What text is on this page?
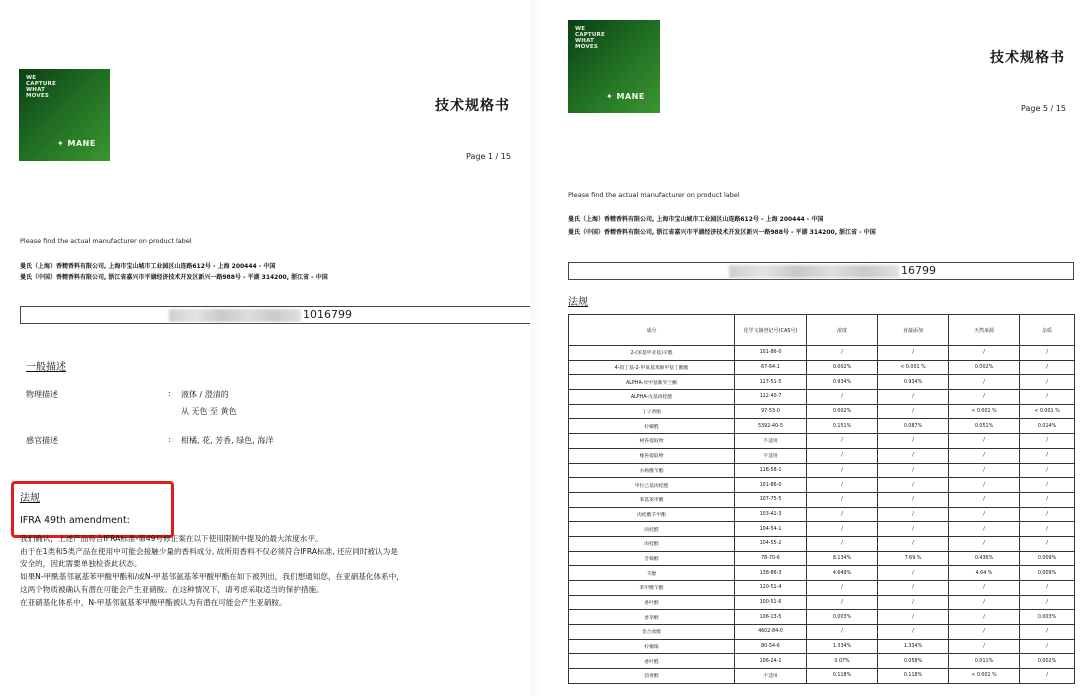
WE
CAPTURE
WHAT
MOVES
✦ MANE
技术规格书
Page 1 / 15
Please find the actual manufacturer on product label
曼氏（上海）香精香料有限公司, 上海市宝山城市工业园区山连路612号 - 上海 200444 - 中国
曼氏（中国）香精香料有限公司, 浙江省嘉兴市平湖经济技术开发区新兴一路988号 - 平湖 314200, 浙江省 - 中国
1016799
一般描述
物理描述	: 液体 / 澄清的
从 无色 至 黄色
感官描述	: 柑橘, 花, 芳香, 绿色, 海洋
法规
IFRA 49th amendment:
我们确认，上述产品符合IFRA标准-第49号修正案在以下使用限制中提及的最大浓度水平。
由于在1类和5类产品在使用中可能会接触少量的香料成分, 故所用香料不仅必须符合IFRA标准, 还应同时被认为是
安全的，因此需要单独检查此状态。
如果N-甲酰基邻氨基苯甲酸甲酯和/或N-甲基邻氨基苯甲酸甲酯在如下被列出，我们想通知您，在亚硝基化体系中，
这两个物质被确认有潜在可能会产生亚硝胺。在这种情况下，请考虑采取适当的保护措施。
在亚硝基化体系中，N-甲基邻氨基苯甲酸甲酯被认为有潜在可能会产生亚硝胺。
WE
CAPTURE
WHAT
MOVES
✦ MANE
技术规格书
Page 5 / 15
Please find the actual manufacturer on product label
曼氏（上海）香精香料有限公司, 上海市宝山城市工业园区山连路612号 - 上海 200444 - 中国
曼氏（中国）香精香料有限公司, 浙江省嘉兴市平湖经济技术开发区新兴一路988号 - 平湖 314200, 浙江省 - 中国
16799
法规
成分	化学文摘登记号(CAS号)	浓度	直接添加	天然来源	杂质
2-(苯基甲亚基)辛醛	101-86-0	/	/	/	/
4-叔丁基-2-甲氧基苯酚甲基丁酸酯	67-64-1	0.002%	< 0.001 %	0.002%	/
ALPHA-异甲基紫罗兰酮	127-51-5	0.934%	0.934%	/	/
ALPHA-戊基肉桂醛	122-40-7	/	/	/	/
丁子香酚	97-53-0	0.002%	/	< 0.001 %	< 0.001 %
柠檬醛	5392-40-5	0.151%	0.087%	0.051%	0.014%
树苔提取物	不适用	/	/	/	/
橡苔提取物	不适用	/	/	/	/
水杨酸苄酯	118-58-1	/	/	/	/
甲位己基肉桂醛	101-86-0	/	/	/	/
苯基苯甲酸	107-75-5	/	/	/	/
肉桂酸苄甲酯	103-41-3	/	/	/	/
肉桂醛	104-54-1	/	/	/	/
肉桂醇	104-55-2	/	/	/	/
芳樟醇	78-70-6	8.134%	7.69 %	0.436%	0.009%
苄醇	138-86-3	4.649%	/	4.64 %	0.009%
苯甲酸苄酯	120-51-4	/	/	/	/
香叶醇	100-51-6	/	/	/	/
香茅醇	106-13-5	0.003%	/	/	0.003%
金合欢醇	4602-84-0	/	/	/	/
柠檬烯	80-54-6	1.334%	1.334%	/	/
香叶醛	106-24-1	0.07%	0.058%	0.011%	0.002%
茴香醇	不适用	0.118%	0.118%	< 0.001 %	/
